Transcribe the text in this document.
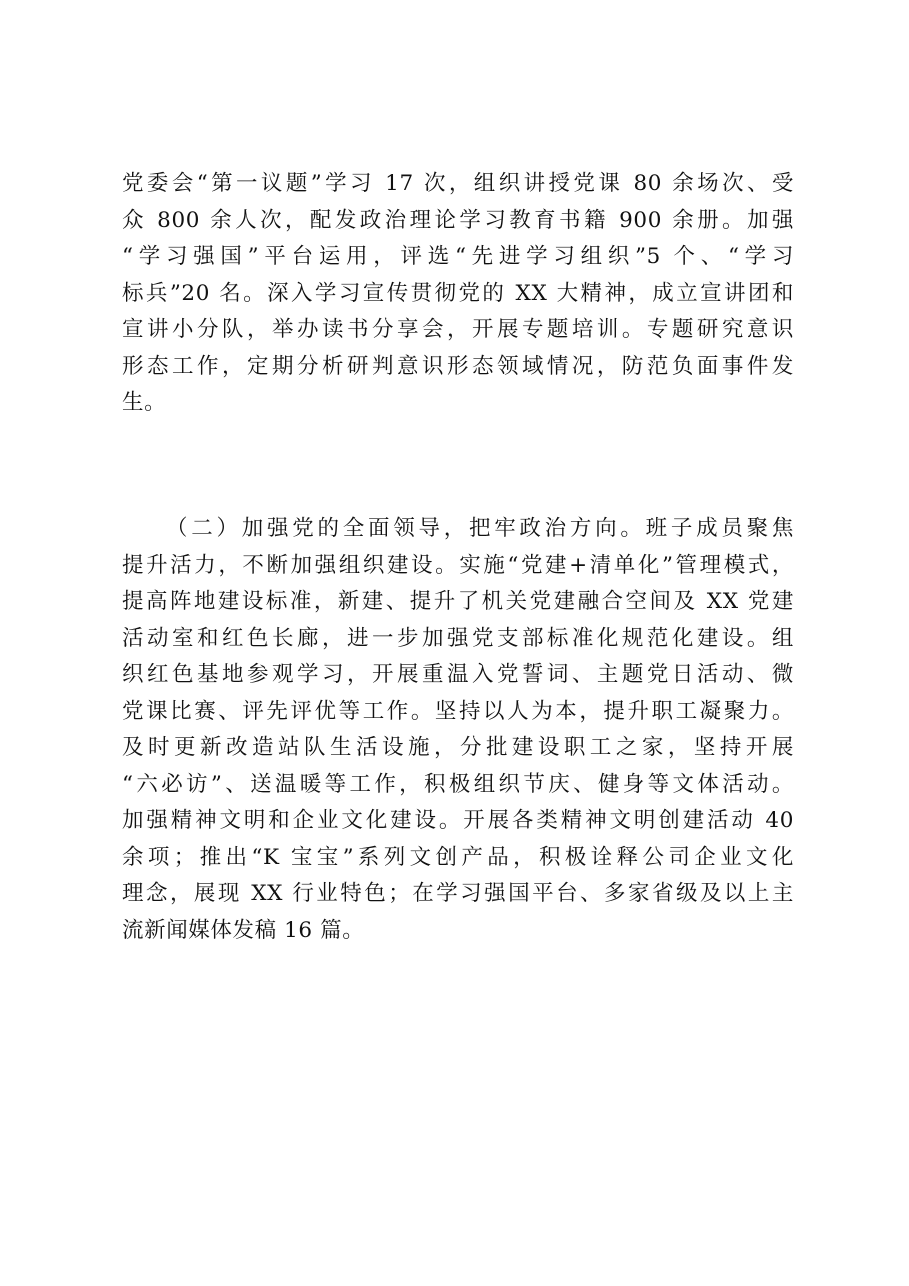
党委会“第一议题”学习 17 次，组织讲授党课 80 余场次、受
众 800 余人次，配发政治理论学习教育书籍 900 余册。加强
“学习强国”平台运用，评选“先进学习组织”5 个、“学习
标兵”20 名。深入学习宣传贯彻党的 XX 大精神，成立宣讲团和
宣讲小分队，举办读书分享会，开展专题培训。专题研究意识
形态工作，定期分析研判意识形态领域情况，防范负面事件发
生。
（二）加强党的全面领导，把牢政治方向。班子成员聚焦
提升活力，不断加强组织建设。实施“党建+清单化”管理模式，
提高阵地建设标准，新建、提升了机关党建融合空间及 XX 党建
活动室和红色长廊，进一步加强党支部标准化规范化建设。组
织红色基地参观学习，开展重温入党誓词、主题党日活动、微
党课比赛、评先评优等工作。坚持以人为本，提升职工凝聚力。
及时更新改造站队生活设施，分批建设职工之家，坚持开展
“六必访”、送温暖等工作，积极组织节庆、健身等文体活动。
加强精神文明和企业文化建设。开展各类精神文明创建活动 40
余项；推出“K 宝宝”系列文创产品，积极诠释公司企业文化
理念，展现 XX 行业特色；在学习强国平台、多家省级及以上主
流新闻媒体发稿 16 篇。
